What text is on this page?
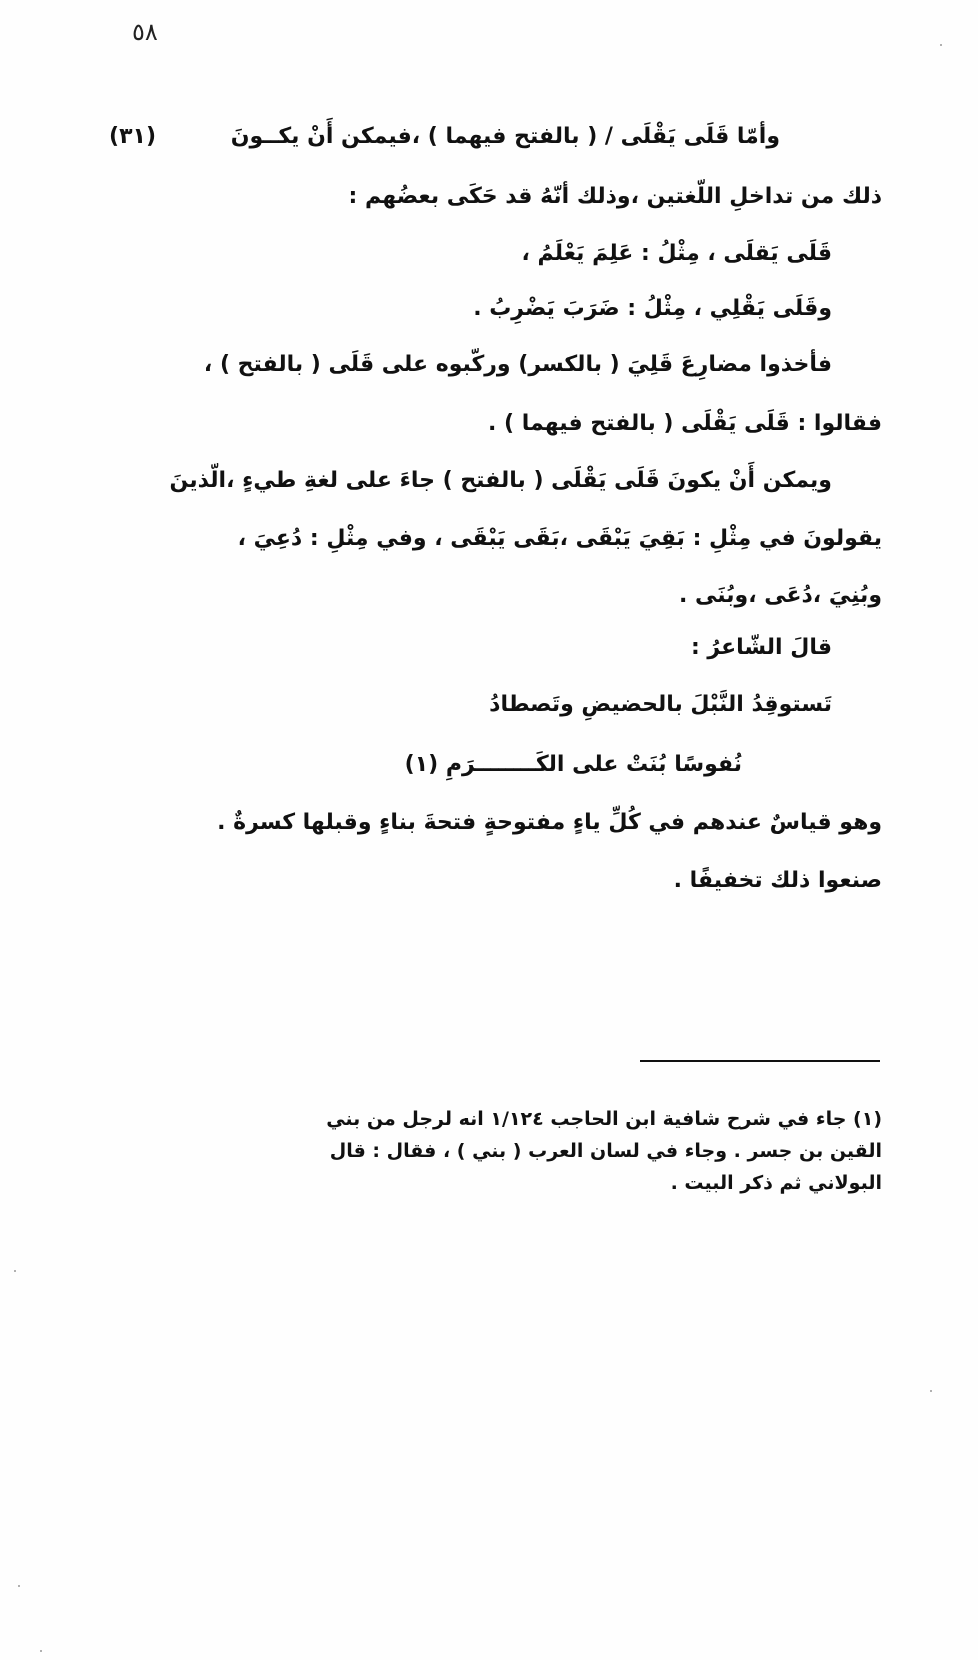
٥٨
(٣١)	وأمّا قَلَى يَقْلَى / ( بالفتح فيهما ) ،فيمكن أَنْ يكــونَ
ذلك من تداخلِ اللّغتين ،وذلك أنّهُ قد حَكَى بعضُهم :
قَلَى يَقلَى ، مِثْلُ : عَلِمَ يَعْلَمُ ،
وقَلَى يَقْلِي ، مِثْلُ : ضَرَبَ يَضْرِبُ .
فأخذوا مضارِعَ قَلِيَ ( بالكسر) وركّبوه على قَلَى ( بالفتح ) ،
فقالوا : قَلَى يَقْلَى ( بالفتح فيهما ) .
ويمكن أَنْ يكونَ قَلَى يَقْلَى ( بالفتح ) جاءَ على لغةِ طيءٍ ،الّذينَ
يقولونَ في مِثْلِ : بَقِيَ يَبْقَى ،بَقَى يَبْقَى ، وفي مِثْلِ : دُعِيَ ،
وبُنِيَ ،دُعَى ،وبُنَى .
قالَ الشّاعرُ :
تَستوقِدُ النَّبْلَ بالحضيضِ وتَصطادُ
نُفوسًا بُنَتْ على الكَــــــــرَمِ (١)
وهو قياسٌ عندهم في كُلِّ ياءٍ مفتوحةٍ فتحةَ بناءٍ وقبلها كسرةٌ .
صنعوا ذلك تخفيفًا .
(١) جاء في شرح شافية ابن الحاجب ١/١٢٤ انه لرجل من بني
القين بن جسر . وجاء في لسان العرب ( بني ) ، فقال : قال
البولاني ثم ذكر البيت .
